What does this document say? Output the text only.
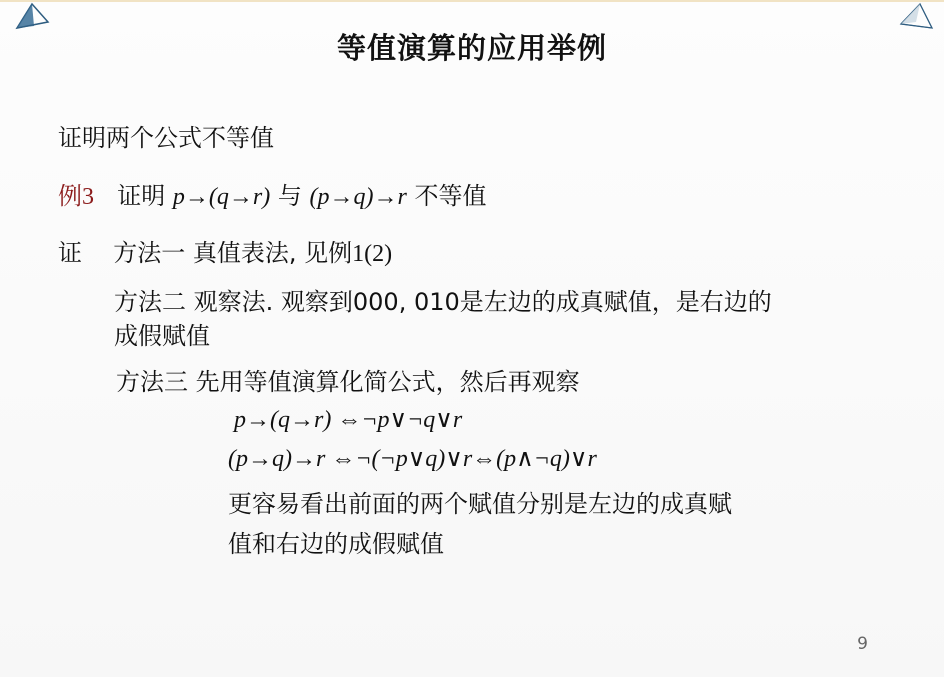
等值演算的应用举例
证明两个公式不等值
例3 证明 p→(q→r) 与 (p→q)→r 不等值
证 方法一 真值表法, 见例1(2)
方法二 观察法. 观察到000, 010是左边的成真赋值，是右边的
成假赋值
方法三 先用等值演算化简公式，然后再观察
p→(q→r) ⇔¬p∨¬q∨r
(p→q)→r ⇔¬(¬p∨q)∨r⇔(p∧¬q)∨r
更容易看出前面的两个赋值分别是左边的成真赋
值和右边的成假赋值
9
